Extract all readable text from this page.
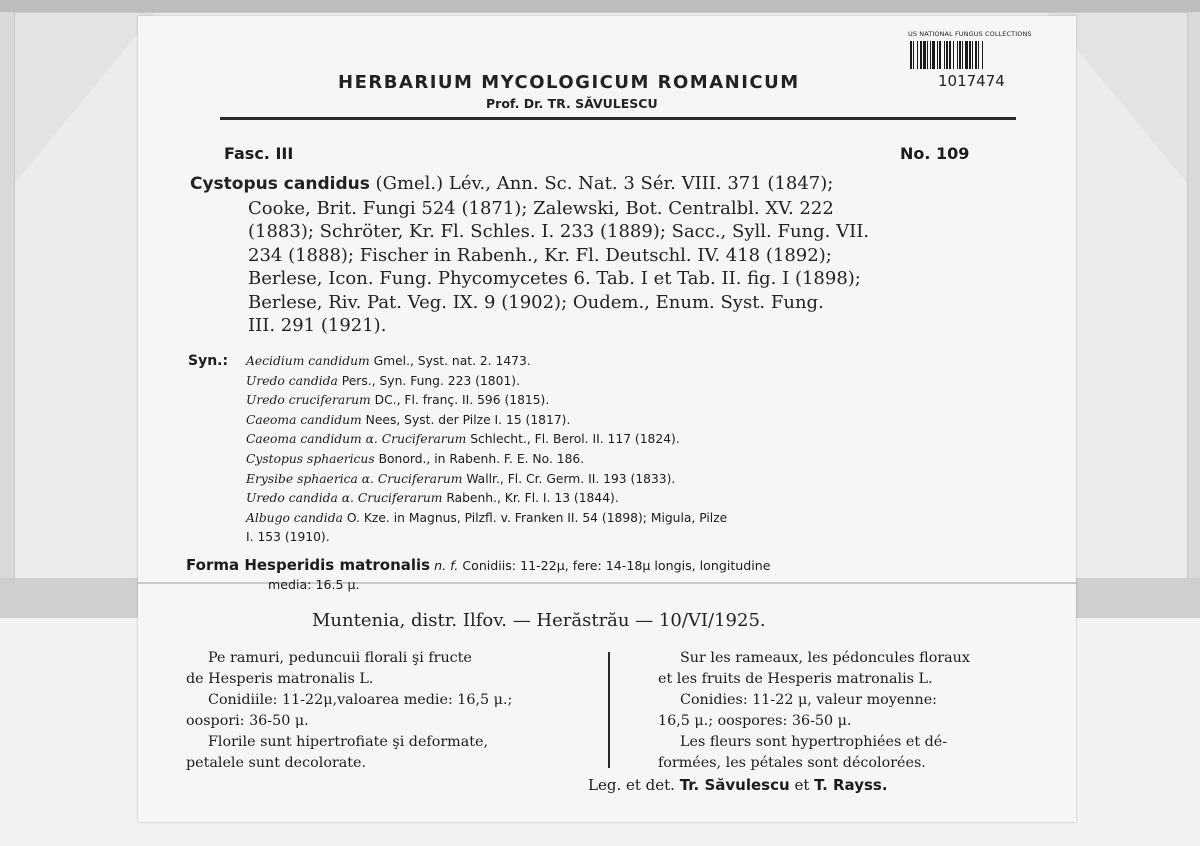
US NATIONAL FUNGUS COLLECTIONS
1017474
HERBARIUM MYCOLOGICUM ROMANICUM
Prof. Dr. TR. SĂVULESCU
Fasc. III	No. 109
Cystopus candidus (Gmel.) Lév., Ann. Sc. Nat. 3 Sér. VIII. 371 (1847);
Cooke, Brit. Fungi 524 (1871); Zalewski, Bot. Centralbl. XV. 222
(1883); Schröter, Kr. Fl. Schles. I. 233 (1889); Sacc., Syll. Fung. VII.
234 (1888); Fischer in Rabenh., Kr. Fl. Deutschl. IV. 418 (1892);
Berlese, Icon. Fung. Phycomycetes 6. Tab. I et Tab. II. fig. I (1898);
Berlese, Riv. Pat. Veg. IX. 9 (1902); Oudem., Enum. Syst. Fung.
III. 291 (1921).
Syn.:	Aecidium candidum Gmel., Syst. nat. 2. 1473.
Uredo candida Pers., Syn. Fung. 223 (1801).
Uredo cruciferarum DC., Fl. franç. II. 596 (1815).
Caeoma candidum Nees, Syst. der Pilze I. 15 (1817).
Caeoma candidum α. Cruciferarum Schlecht., Fl. Berol. II. 117 (1824).
Cystopus sphaericus Bonord., in Rabenh. F. E. No. 186.
Erysibe sphaerica α. Cruciferarum Wallr., Fl. Cr. Germ. II. 193 (1833).
Uredo candida α. Cruciferarum Rabenh., Kr. Fl. I. 13 (1844).
Albugo candida O. Kze. in Magnus, Pilzfl. v. Franken II. 54 (1898); Migula, Pilze
I. 153 (1910).
Forma Hesperidis matronalis n. f. Conidiis: 11-22μ, fere: 14-18μ longis, longitudine
media: 16.5 μ.
Muntenia, distr. Ilfov. — Herăstrău — 10/VI/1925.
Pe ramuri, peduncuii florali şi fructe
de Hesperis matronalis L.
Conidiile: 11-22μ,valoarea medie: 16,5 μ.;
oospori: 36-50 μ.
Florile sunt hipertrofiate şi deformate,
petalele sunt decolorate.
Sur les rameaux, les pédoncules floraux
et les fruits de Hesperis matronalis L.
Conidies: 11-22 μ, valeur moyenne:
16,5 μ.; oospores: 36-50 μ.
Les fleurs sont hypertrophiées et dé-
formées, les pétales sont décolorées.
Leg. et det. Tr. Săvulescu et T. Rayss.
